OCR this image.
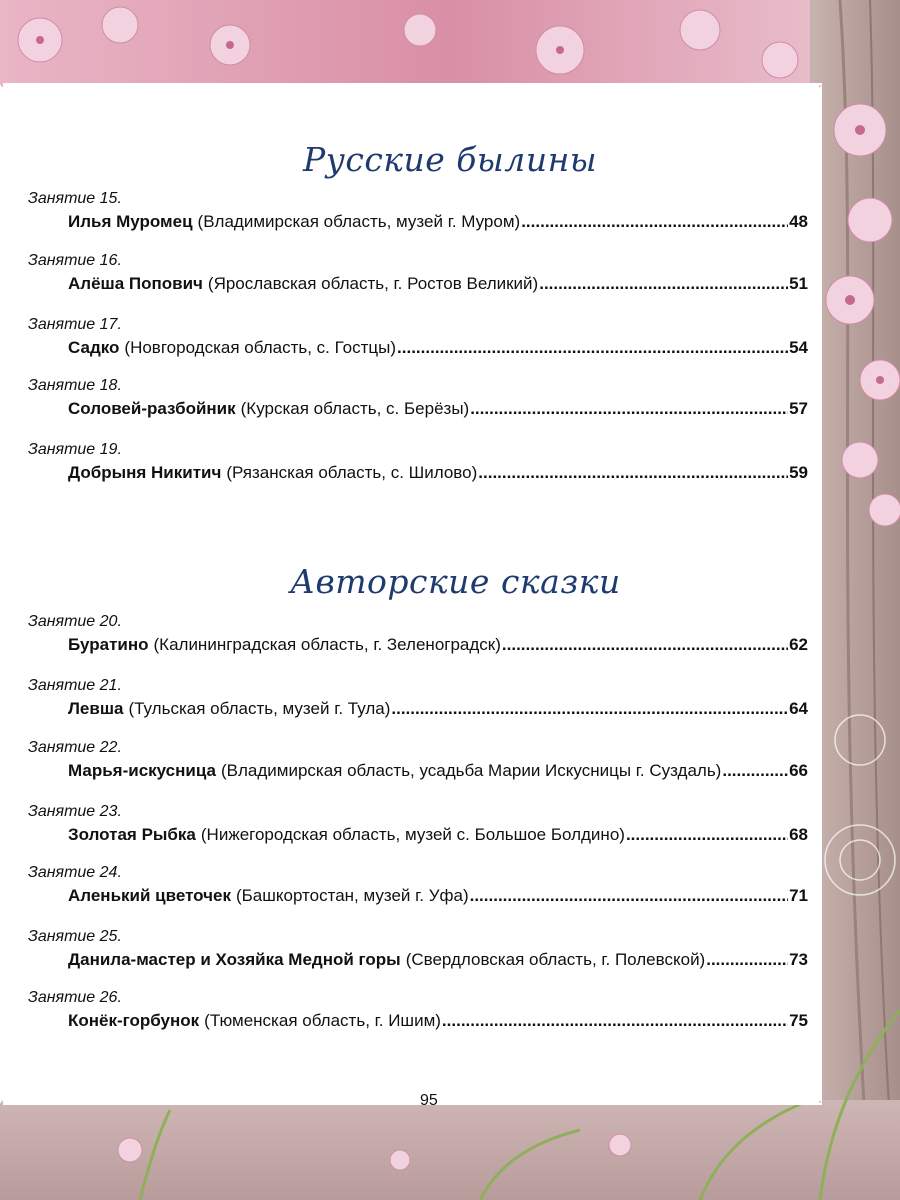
Русские былины
Занятие 15.
Илья Муромец (Владимирская область, музей г. Муром) .....	48
Занятие 16.
Алёша Попович (Ярославская область, г. Ростов Великий) .....	51
Занятие 17.
Садко (Новгородская область, с. Гостцы) .....	54
Занятие 18.
Соловей-разбойник (Курская область, с. Берёзы) .....	57
Занятие 19.
Добрыня Никитич (Рязанская область, с. Шилово) .....	59
Авторские сказки
Занятие 20.
Буратино (Калининградская область, г. Зеленоградск) .....	62
Занятие 21.
Левша (Тульская область, музей г. Тула) .....	64
Занятие 22.
Марья-искусница (Владимирская область, усадьба Марии Искусницы г. Суздаль) .....	66
Занятие 23.
Золотая Рыбка (Нижегородская область, музей с. Большое Болдино) .....	68
Занятие 24.
Аленький цветочек (Башкортостан, музей г. Уфа) .....	71
Занятие 25.
Данила-мастер и Хозяйка Медной горы (Свердловская область, г. Полевской) .....	73
Занятие 26.
Конёк-горбунок (Тюменская область, г. Ишим) .....	75
95
